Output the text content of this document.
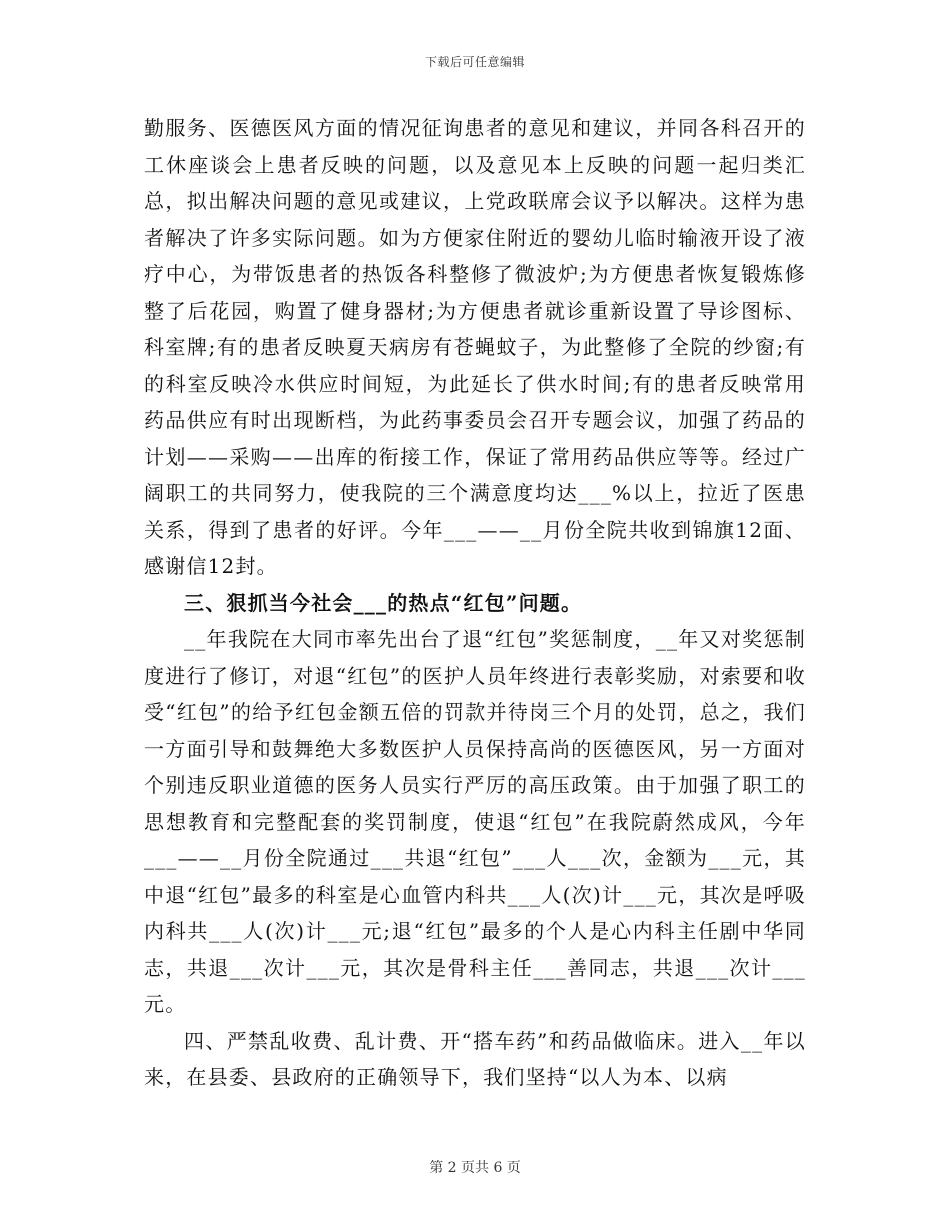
下载后可任意编辑

勤服务、医德医风方面的情况征询患者的意见和建议，并同各科召开的工休座谈会上患者反映的问题，以及意见本上反映的问题一起归类汇总，拟出解决问题的意见或建议，上党政联席会议予以解决。这样为患者解决了许多实际问题。如为方便家住附近的婴幼儿临时输液开设了液疗中心，为带饭患者的热饭各科整修了微波炉;为方便患者恢复锻炼修整了后花园，购置了健身器材;为方便患者就诊重新设置了导诊图标、科室牌;有的患者反映夏天病房有苍蝇蚊子，为此整修了全院的纱窗;有的科室反映冷水供应时间短，为此延长了供水时间;有的患者反映常用药品供应有时出现断档，为此药事委员会召开专题会议，加强了药品的计划——采购——出库的衔接工作，保证了常用药品供应等等。经过广阔职工的共同努力，使我院的三个满意度均达___%以上，拉近了医患关系，得到了患者的好评。今年___——__月份全院共收到锦旗12面、感谢信12封。

三、狠抓当今社会___的热点“红包”问题。

__年我院在大同市率先出台了退“红包”奖惩制度，__年又对奖惩制度进行了修订，对退“红包”的医护人员年终进行表彰奖励，对索要和收受“红包”的给予红包金额五倍的罚款并待岗三个月的处罚，总之，我们一方面引导和鼓舞绝大多数医护人员保持高尚的医德医风，另一方面对个别违反职业道德的医务人员实行严厉的高压政策。由于加强了职工的思想教育和完整配套的奖罚制度，使退“红包”在我院蔚然成风，今年___——__月份全院通过___共退“红包”___人___次，金额为___元，其中退“红包”最多的科室是心血管内科共___人(次)计___元，其次是呼吸内科共___人(次)计___元;退“红包”最多的个人是心内科主任剧中华同志，共退___次计___元，其次是骨科主任___善同志，共退___次计___元。

四、严禁乱收费、乱计费、开“搭车药”和药品做临床。进入__年以来，在县委、县政府的正确领导下，我们坚持“以人为本、以病

第 2 页共 6 页
